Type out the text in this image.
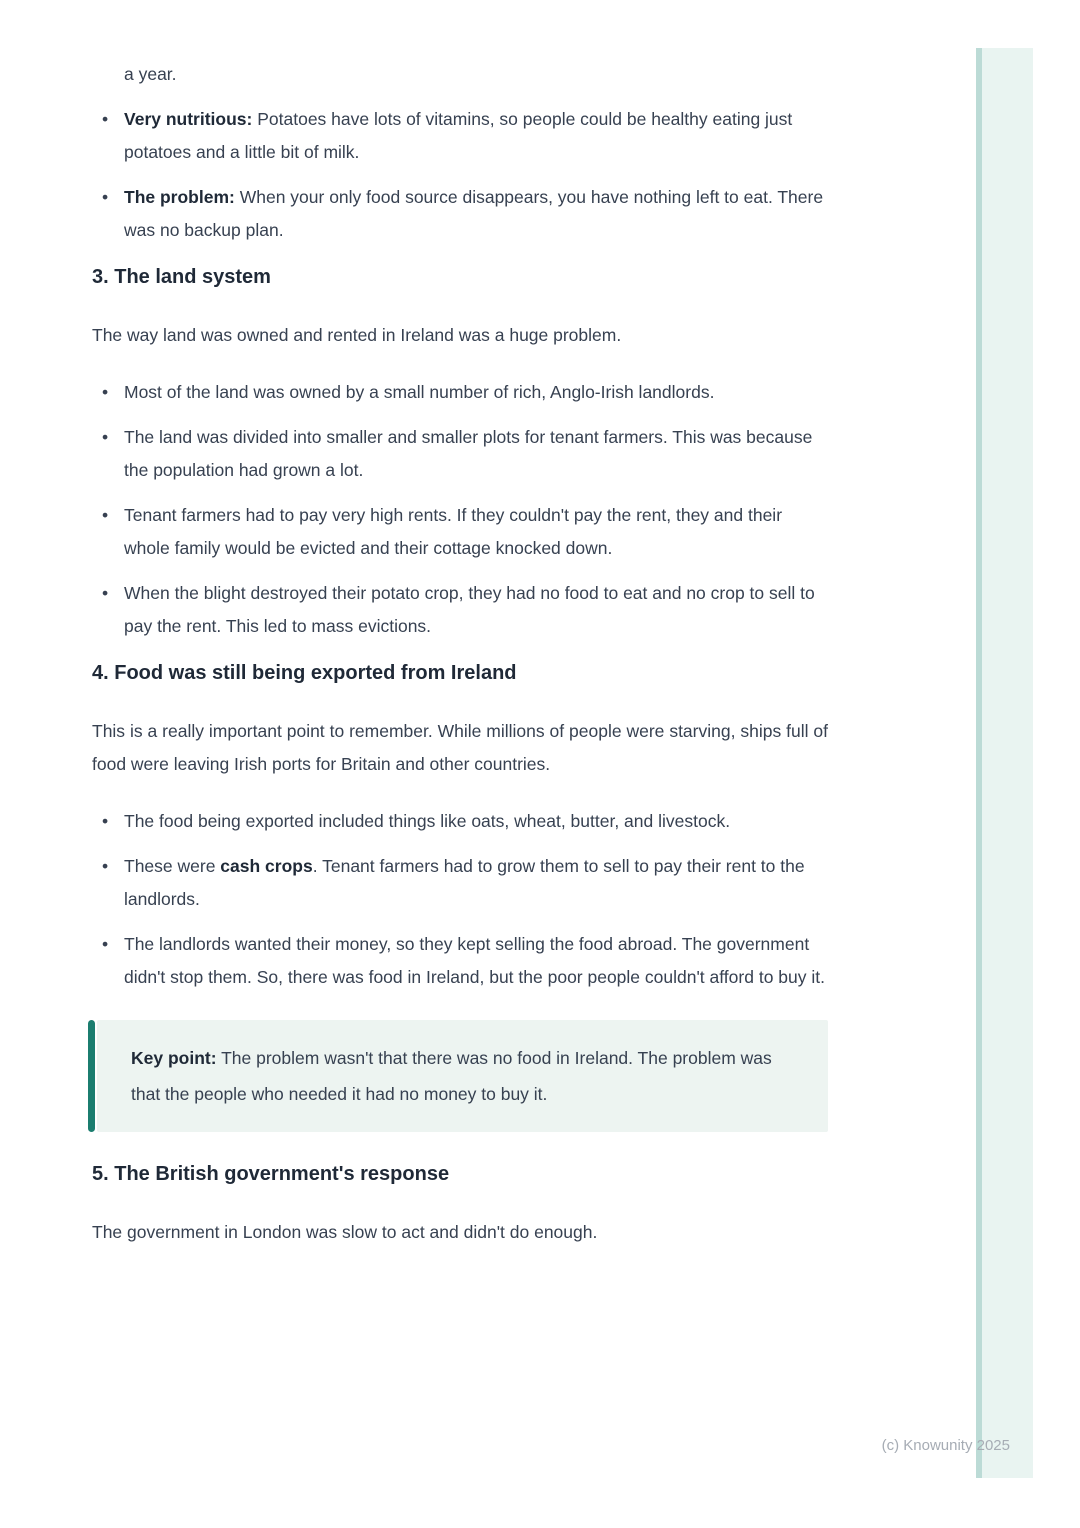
a year.

• Very nutritious: Potatoes have lots of vitamins, so people could be healthy eating just potatoes and a little bit of milk.
• The problem: When your only food source disappears, you have nothing left to eat. There was no backup plan.
3. The land system

The way land was owned and rented in Ireland was a huge problem.

• Most of the land was owned by a small number of rich, Anglo-Irish landlords.
• The land was divided into smaller and smaller plots for tenant farmers. This was because the population had grown a lot.
• Tenant farmers had to pay very high rents. If they couldn't pay the rent, they and their whole family would be evicted and their cottage knocked down.
• When the blight destroyed their potato crop, they had no food to eat and no crop to sell to pay the rent. This led to mass evictions.
4. Food was still being exported from Ireland

This is a really important point to remember. While millions of people were starving, ships full of food were leaving Irish ports for Britain and other countries.

• The food being exported included things like oats, wheat, butter, and livestock.
• These were cash crops. Tenant farmers had to grow them to sell to pay their rent to the landlords.
• The landlords wanted their money, so they kept selling the food abroad. The government didn't stop them. So, there was food in Ireland, but the poor people couldn't afford to buy it.
Key point: The problem wasn't that there was no food in Ireland. The problem was that the people who needed it had no money to buy it.
5. The British government's response

The government in London was slow to act and didn't do enough.

(c) Knowunity 2025
